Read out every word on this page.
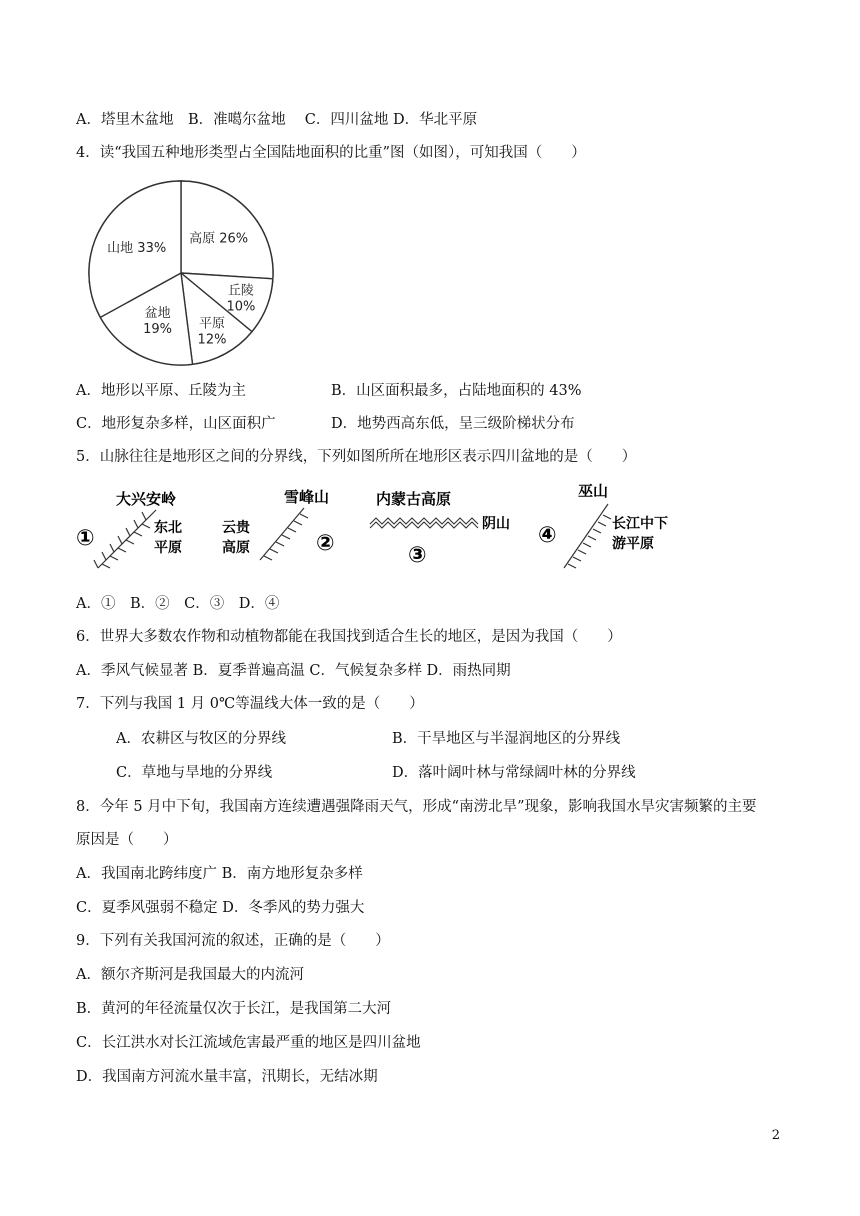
A．塔里木盆地　B．准噶尔盆地　 C．四川盆地 D．华北平原
4．读“我国五种地形类型占全国陆地面积的比重”图（如图），可知我国（　　）
高原 26%
丘陵 10%
平原 12%
盆地 19%
山地 33%
A．地形以平原、丘陵为主	B．山区面积最多，占陆地面积的 43%
C．地形复杂多样，山区面积广	D．地势西高东低，呈三级阶梯状分布
5．山脉往往是地形区之间的分界线，下列如图所所在地形区表示四川盆地的是（　　）
①
大兴安岭
东北
平原
雪峰山
云贵
高原	②
内蒙古高原
阴山
③
④
巫山
长江中下
游平原
A．①　B．②　C．③　D．④
6．世界大多数农作物和动植物都能在我国找到适合生长的地区，是因为我国（　　）
A．季风气候显著 B．夏季普遍高温 C．气候复杂多样 D．雨热同期
7．下列与我国 1 月 0℃等温线大体一致的是（　　）
A．农耕区与牧区的分界线	B．干旱地区与半湿润地区的分界线
C．草地与旱地的分界线	D．落叶阔叶林与常绿阔叶林的分界线
8．今年 5 月中下旬，我国南方连续遭遇强降雨天气，形成“南涝北旱”现象，影响我国水旱灾害频繁的主要
原因是（　　）
A．我国南北跨纬度广 B．南方地形复杂多样
C．夏季风强弱不稳定 D．冬季风的势力强大
9．下列有关我国河流的叙述，正确的是（　　）
A．额尔齐斯河是我国最大的内流河
B．黄河的年径流量仅次于长江，是我国第二大河
C．长江洪水对长江流域危害最严重的地区是四川盆地
D．我国南方河流水量丰富，汛期长，无结冰期
2
